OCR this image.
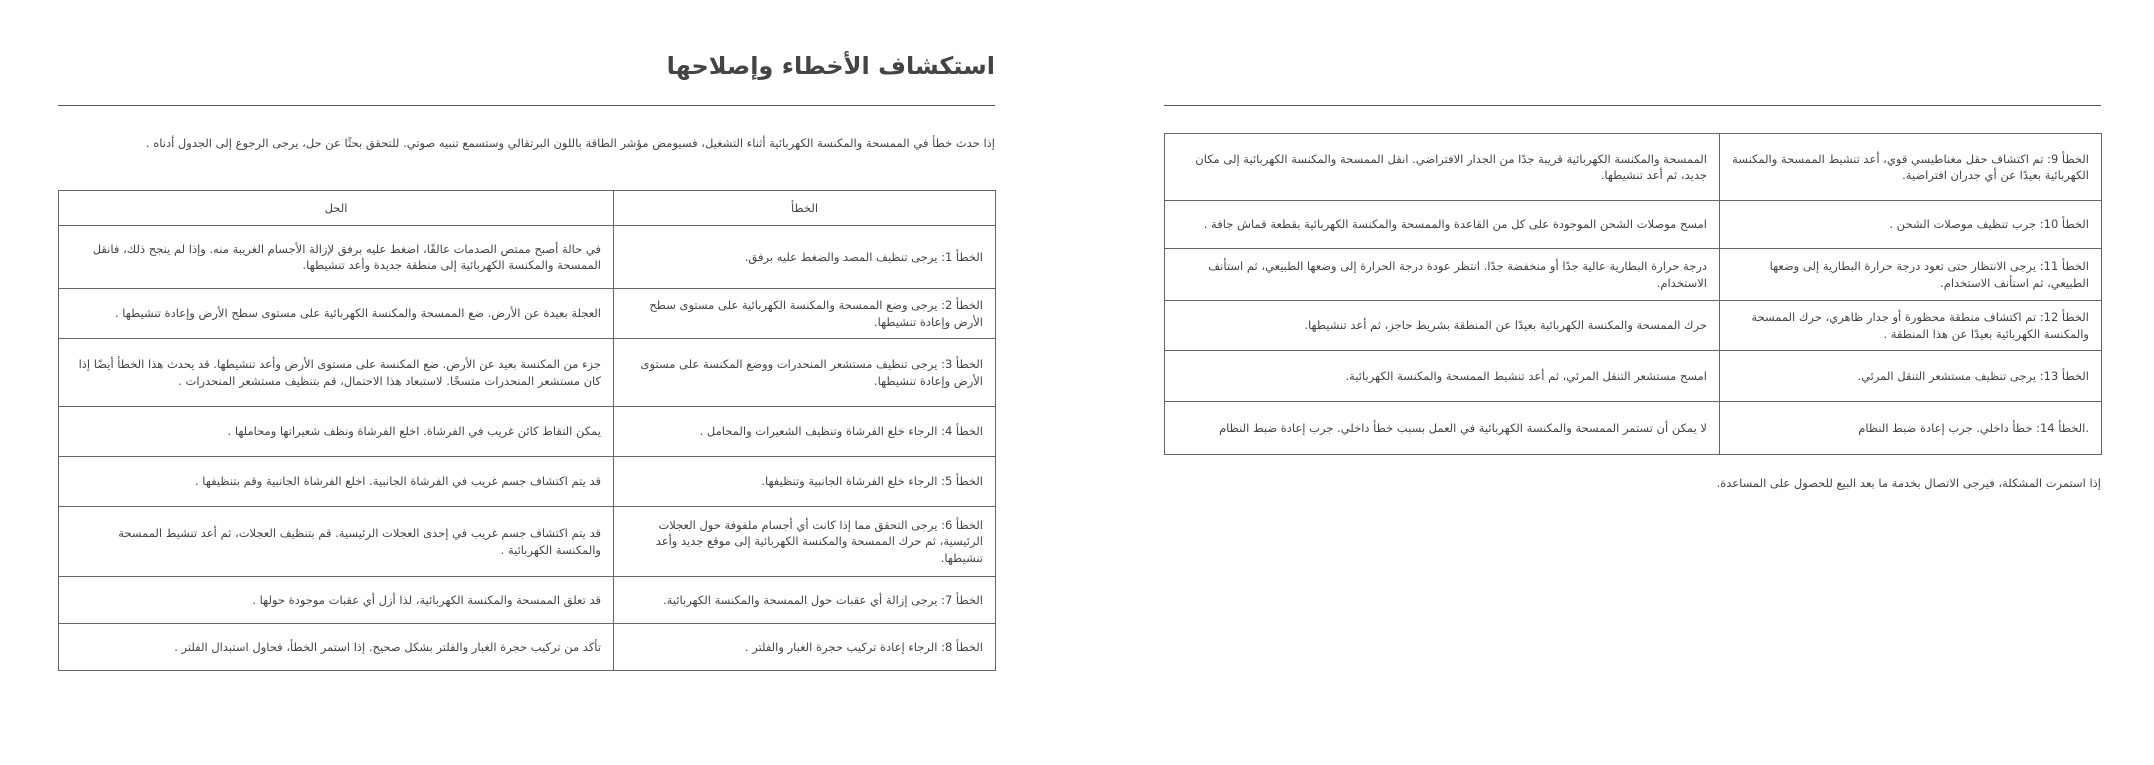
استكشاف الأخطاء وإصلاحها

إذا حدث خطأ في الممسحة والمكنسة الكهربائية أثناء التشغيل، فسيومض مؤشر الطاقة باللون البرتقالي وستسمع تنبيه صوتي. للتحقق بحثًا عن حل، يرجى الرجوع إلى الجدول أدناه .

الخطأ	الحل
الخطأ 1: يرجى تنظيف المصد والضغط عليه برفق.	في حالة أصبح ممتص الصدمات عالقًا، اضغط عليه برفق لإزالة الأجسام الغريبة منه. وإذا لم ينجح ذلك، فانقل الممسحة والمكنسة الكهربائية إلى منطقة جديدة وأعد تنشيطها.
الخطأ 2: يرجى وضع الممسحة والمكنسة الكهربائية على مستوى سطح الأرض وإعادة تنشيطها.	العجلة بعيدة عن الأرض. ضع الممسحة والمكنسة الكهربائية على مستوى سطح الأرض وإعادة تنشيطها .
الخطأ 3: يرجى تنظيف مستشعر المنحدرات ووضع المكنسة على مستوى الأرض وإعادة تنشيطها.	جزء من المكنسة بعيد عن الأرض. ضع المكنسة على مستوى الأرض وأعد تنشيطها. قد يحدث هذا الخطأ أيضًا إذا كان مستشعر المنحدرات متسخًا. لاستبعاد هذا الاحتمال، قم بتنظيف مستشعر المنحدرات .
الخطأ 4: الرجاء خلع الفرشاة وتنظيف الشعيرات والمحامل .	يمكن التقاط كائن غريب في الفرشاة. اخلع الفرشاة ونظف شعيراتها ومحاملها .
الخطأ 5: الرجاء خلع الفرشاة الجانبية وتنظيفها.	قد يتم اكتشاف جسم غريب في الفرشاة الجانبية. اخلع الفرشاة الجانبية وقم بتنظيفها .
الخطأ 6: يرجى التحقق مما إذا كانت أي أجسام ملفوفة حول العجلات الرئيسية، ثم حرك الممسحة والمكنسة الكهربائية إلى موقع جديد وأعد تنشيطها.	قد يتم اكتشاف جسم غريب في إحدى العجلات الرئيسية. قم بتنظيف العجلات، ثم أعد تنشيط الممسحة والمكنسة الكهربائية .
الخطأ 7: يرجى إزالة أي عقبات حول الممسحة والمكنسة الكهربائية.	قد تعلق الممسحة والمكنسة الكهربائية، لذا أزل أي عقبات موجودة حولها .
الخطأ 8: الرجاء إعادة تركيب حجرة الغبار والفلتر .	تأكد من تركيب حجرة الغبار والفلتر بشكل صحيح. إذا استمر الخطأ، فحاول استبدال الفلتر .
الخطأ 9: تم اكتشاف حقل مغناطيسي قوي، أعد تنشيط الممسحة والمكنسة الكهربائية بعيدًا عن أي جدران افتراضية.	الممسحة والمكنسة الكهربائية قريبة جدًا من الجدار الافتراضي. انقل الممسحة والمكنسة الكهربائية إلى مكان جديد، ثم أعد تنشيطها.
الخطأ 10: جرب تنظيف موصلات الشحن .	امسح موصلات الشحن الموجودة على كل من القاعدة والممسحة والمكنسة الكهربائية بقطعة قماش جافة .
الخطأ 11: يرجى الانتظار حتى تعود درجة حرارة البطارية إلى وضعها الطبيعي، ثم استأنف الاستخدام.	درجة حرارة البطارية عالية جدًا أو منخفضة جدًا. انتظر عودة درجة الحرارة إلى وضعها الطبيعي، ثم استأنف الاستخدام.
الخطأ 12: تم اكتشاف منطقة محظورة أو جدار ظاهري، حرك الممسحة والمكنسة الكهربائية بعيدًا عن هذا المنطقة .	حرك الممسحة والمكنسة الكهربائية بعيدًا عن المنطقة بشريط حاجز، ثم أعد تنشيطها.
الخطأ 13: يرجى تنظيف مستشعر التنقل المرئي.	امسح مستشعر التنقل المرئي، ثم أعد تنشيط الممسحة والمكنسة الكهربائية.
.الخطأ 14: خطأ داخلي. جرب إعادة ضبط النظام	لا يمكن أن تستمر الممسحة والمكنسة الكهربائية في العمل بسبب خطأ داخلي. جرب إعادة ضبط النظام

إذا استمرت المشكلة، فيرجى الاتصال بخدمة ما بعد البيع للحصول على المساعدة.
